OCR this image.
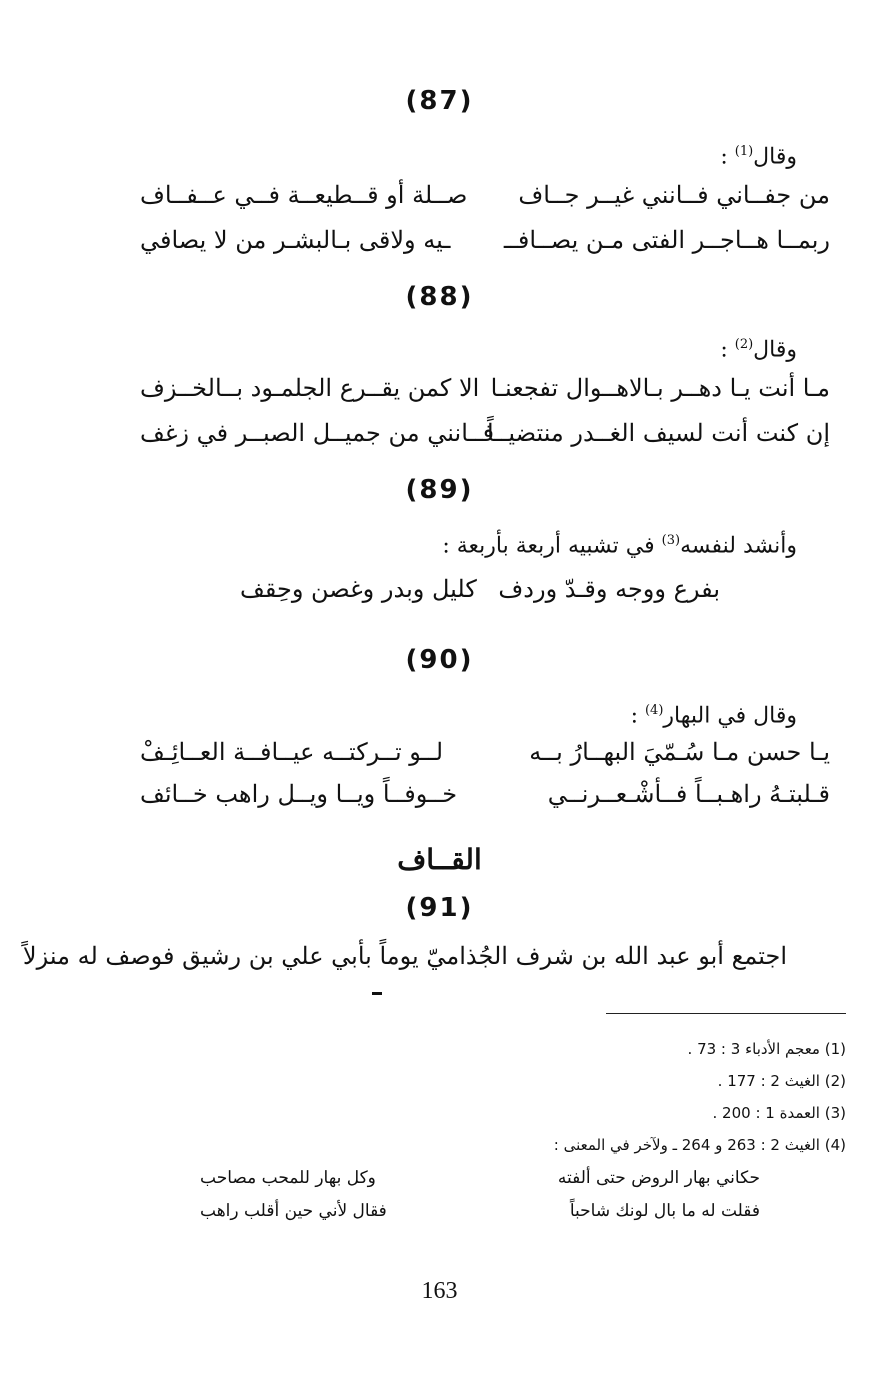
(87)
وقال$^{(1)}$ :
من جفــاني فــانني غيــر جــاف
صــلة أو قــطيعــة فــي عــفــاف
ربمــا هــاجــر الفتى مـن يصــافــ
ـيه ولاقى بـالبشـر من لا يصافي
(88)
وقال$^{(2)}$ :
مـا أنت يـا دهــر بـالاهــوال تفجعنـا
الا كمن يقــرع الجلمـود بــالخــزف
إن كنت أنت لسيف الغــدر منتضيــاً
فــانني من جميــل الصبــر في زغف
(89)
وأنشد لنفسه$^{(3)}$ في تشبيه أربعة بأربعة :
بفرع ووجه وقـدّ وردف
كليل وبدر وغصن وحِقف
(90)
وقال في البهار$^{(4)}$ :
يـا حسن مـا سُـمّيَ البهــارُ بــه
لــو تــركتــه عيــافــة العــائِـفْ
قـلبتـهُ راهـبــاً فــأشْـعــرنــي
خــوفــاً ويــا ويــل راهب خــائف
القــاف
(91)
اجتمع أبو عبد الله بن شرف الجُذاميّ يوماً بأبي علي بن رشيق فوصف له منزلاً
(1) معجم الأدباء 3 : 73 .
(2) الغيث 2 : 177 .
(3) العمدة 1 : 200 .
(4) الغيث 2 : 263 و 264 ـ ولآخر في المعنى :
حكاني بهار الروض حتى ألفته
وكل بهار للمحب مصاحب
فقلت له ما بال لونك شاحباً
فقال لأني حين أقلب راهب
163
